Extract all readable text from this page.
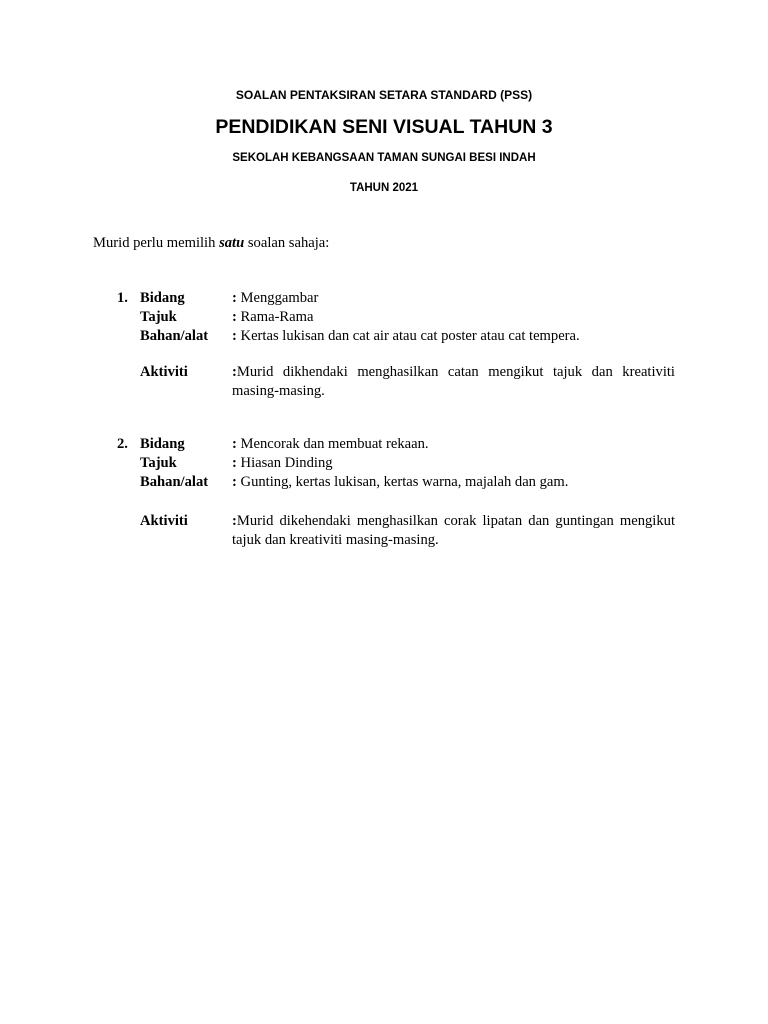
SOALAN PENTAKSIRAN SETARA STANDARD (PSS)
PENDIDIKAN SENI VISUAL TAHUN 3
SEKOLAH KEBANGSAAN TAMAN SUNGAI BESI INDAH
TAHUN 2021
Murid perlu memilih satu soalan sahaja:
1. Bidang	: Menggambar
Tajuk	: Rama-Rama
Bahan/alat : Kertas lukisan dan cat air atau cat poster atau cat tempera.
Aktiviti	:Murid dikhendaki menghasilkan catan mengikut tajuk dan kreativiti masing-masing.
2. Bidang	: Mencorak dan membuat rekaan.
Tajuk	: Hiasan Dinding
Bahan/alat : Gunting, kertas lukisan, kertas warna, majalah dan gam.
Aktiviti	:Murid dikehendaki menghasilkan corak lipatan dan guntingan mengikut tajuk dan kreativiti masing-masing.
